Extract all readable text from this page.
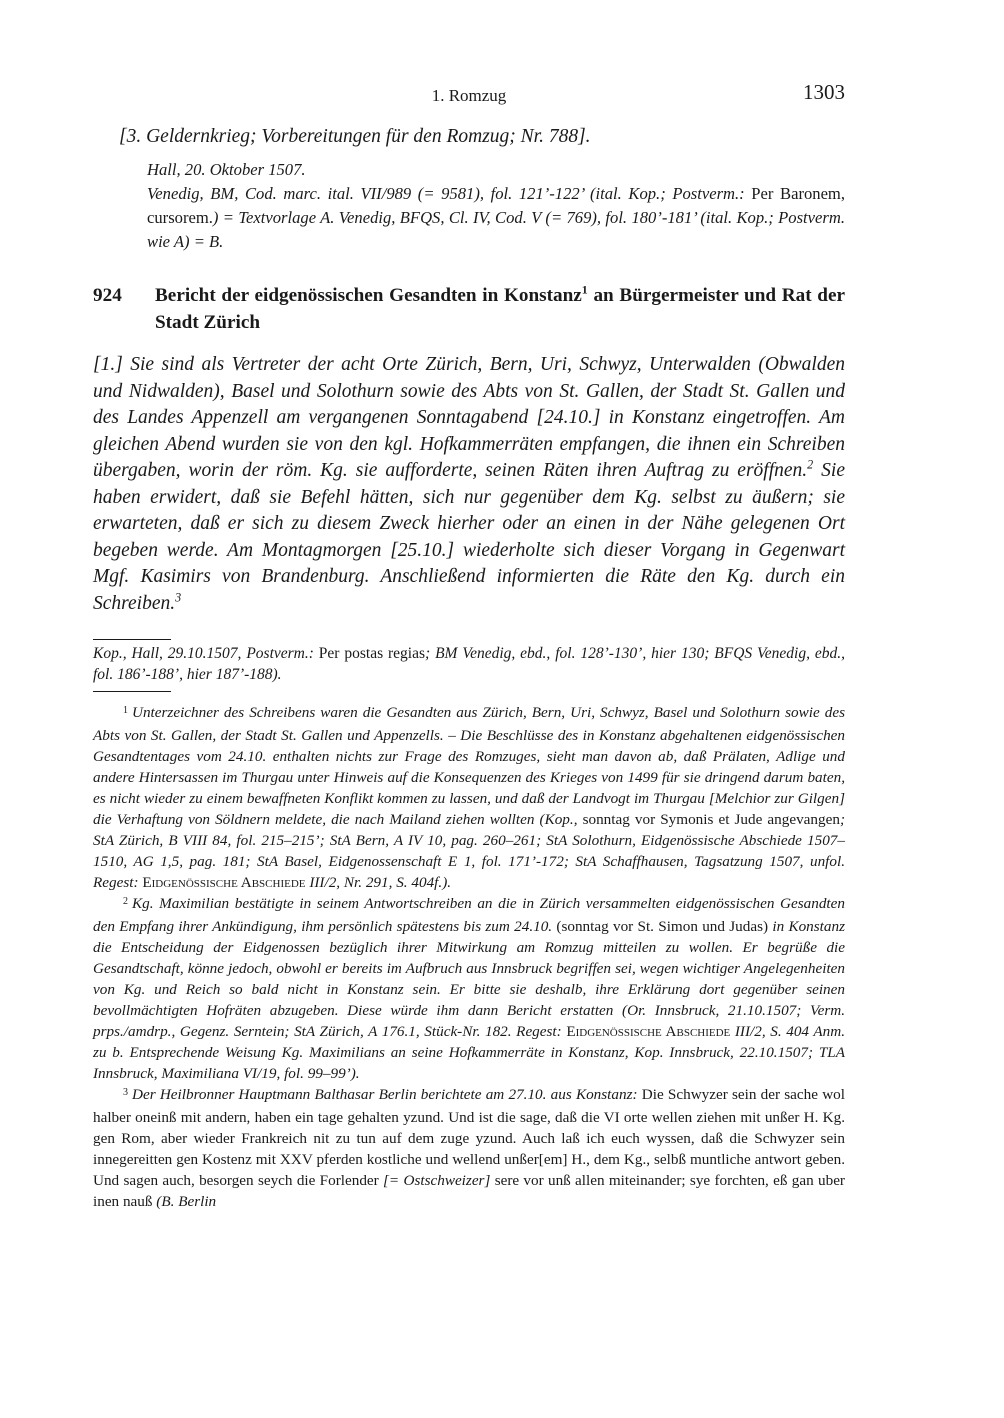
1. Romzug	1303

[3. Geldernkrieg; Vorbereitungen für den Romzug; Nr. 788].

Hall, 20. Oktober 1507.
Venedig, BM, Cod. marc. ital. VII/989 (= 9581), fol. 121’-122’ (ital. Kop.; Postverm.: Per Baronem, cursorem.) = Textvorlage A. Venedig, BFQS, Cl. IV, Cod. V (= 769), fol. 180’-181’ (ital. Kop.; Postverm. wie A) = B.
924	Bericht der eidgenössischen Gesandten in Konstanz$^1$ an Bürgermeister und Rat der Stadt Zürich
[1.] Sie sind als Vertreter der acht Orte Zürich, Bern, Uri, Schwyz, Unterwalden (Obwalden und Nidwalden), Basel und Solothurn sowie des Abts von St. Gallen, der Stadt St. Gallen und des Landes Appenzell am vergangenen Sonntagabend [24.10.] in Konstanz eingetroffen. Am gleichen Abend wurden sie von den kgl. Hofkammerräten empfangen, die ihnen ein Schreiben übergaben, worin der röm. Kg. sie aufforderte, seinen Räten ihren Auftrag zu eröffnen.$^2$ Sie haben erwidert, daß sie Befehl hätten, sich nur gegenüber dem Kg. selbst zu äußern; sie erwarteten, daß er sich zu diesem Zweck hierher oder an einen in der Nähe gelegenen Ort begeben werde. Am Montagmorgen [25.10.] wiederholte sich dieser Vorgang in Gegenwart Mgf. Kasimirs von Brandenburg. Anschließend informierten die Räte den Kg. durch ein Schreiben.$^3$
Kop., Hall, 29.10.1507, Postverm.: Per postas regias; BM Venedig, ebd., fol. 128’-130’, hier 130; BFQS Venedig, ebd., fol. 186’-188’, hier 187’-188).

$^1$ Unterzeichner des Schreibens waren die Gesandten aus Zürich, Bern, Uri, Schwyz, Basel und Solothurn sowie des Abts von St. Gallen, der Stadt St. Gallen und Appenzells. – Die Beschlüsse des in Konstanz abgehaltenen eidgenössischen Gesandtentages vom 24.10. enthalten nichts zur Frage des Romzuges, sieht man davon ab, daß Prälaten, Adlige und andere Hintersassen im Thurgau unter Hinweis auf die Konsequenzen des Krieges von 1499 für sie dringend darum baten, es nicht wieder zu einem bewaffneten Konflikt kommen zu lassen, und daß der Landvogt im Thurgau [Melchior zur Gilgen] die Verhaftung von Söldnern meldete, die nach Mailand ziehen wollten (Kop., sonntag vor Symonis et Jude angevangen; StA Zürich, B VIII 84, fol. 215–215’; StA Bern, A IV 10, pag. 260–261; StA Solothurn, Eidgenössische Abschiede 1507–1510, AG 1,5, pag. 181; StA Basel, Eidgenossenschaft E 1, fol. 171’-172; StA Schaffhausen, Tagsatzung 1507, unfol. Regest: Eidgenössische Abschiede III/2, Nr. 291, S. 404f.).

$^2$ Kg. Maximilian bestätigte in seinem Antwortschreiben an die in Zürich versammelten eidgenössischen Gesandten den Empfang ihrer Ankündigung, ihm persönlich spätestens bis zum 24.10. (sonntag vor St. Simon und Judas) in Konstanz die Entscheidung der Eidgenossen bezüglich ihrer Mitwirkung am Romzug mitteilen zu wollen. Er begrüße die Gesandtschaft, könne jedoch, obwohl er bereits im Aufbruch aus Innsbruck begriffen sei, wegen wichtiger Angelegenheiten von Kg. und Reich so bald nicht in Konstanz sein. Er bitte sie deshalb, ihre Erklärung dort gegenüber seinen bevollmächtigten Hofräten abzugeben. Diese würde ihm dann Bericht erstatten (Or. Innsbruck, 21.10.1507; Verm. prps./amdrp., Gegenz. Serntein; StA Zürich, A 176.1, Stück-Nr. 182. Regest: Eidgenössische Abschiede III/2, S. 404 Anm. zu b. Entsprechende Weisung Kg. Maximilians an seine Hofkammerräte in Konstanz, Kop. Innsbruck, 22.10.1507; TLA Innsbruck, Maximiliana VI/19, fol. 99–99’).

$^3$ Der Heilbronner Hauptmann Balthasar Berlin berichtete am 27.10. aus Konstanz: Die Schwyzer sein der sache wol halber oneinß mit andern, haben ein tage gehalten yzund. Und ist die sage, daß die VI orte wellen ziehen mit unßer H. Kg. gen Rom, aber wieder Frankreich nit zu tun auf dem zuge yzund. Auch laß ich euch wyssen, daß die Schwyzer sein innegereitten gen Kostenz mit XXV pferden kostliche und wellend unßer[em] H., dem Kg., selbß muntliche antwort geben. Und sagen auch, besorgen seych die Forlender [= Ostschweizer] sere vor unß allen miteinander; sye forchten, eß gan uber inen nauß (B. Berlin
